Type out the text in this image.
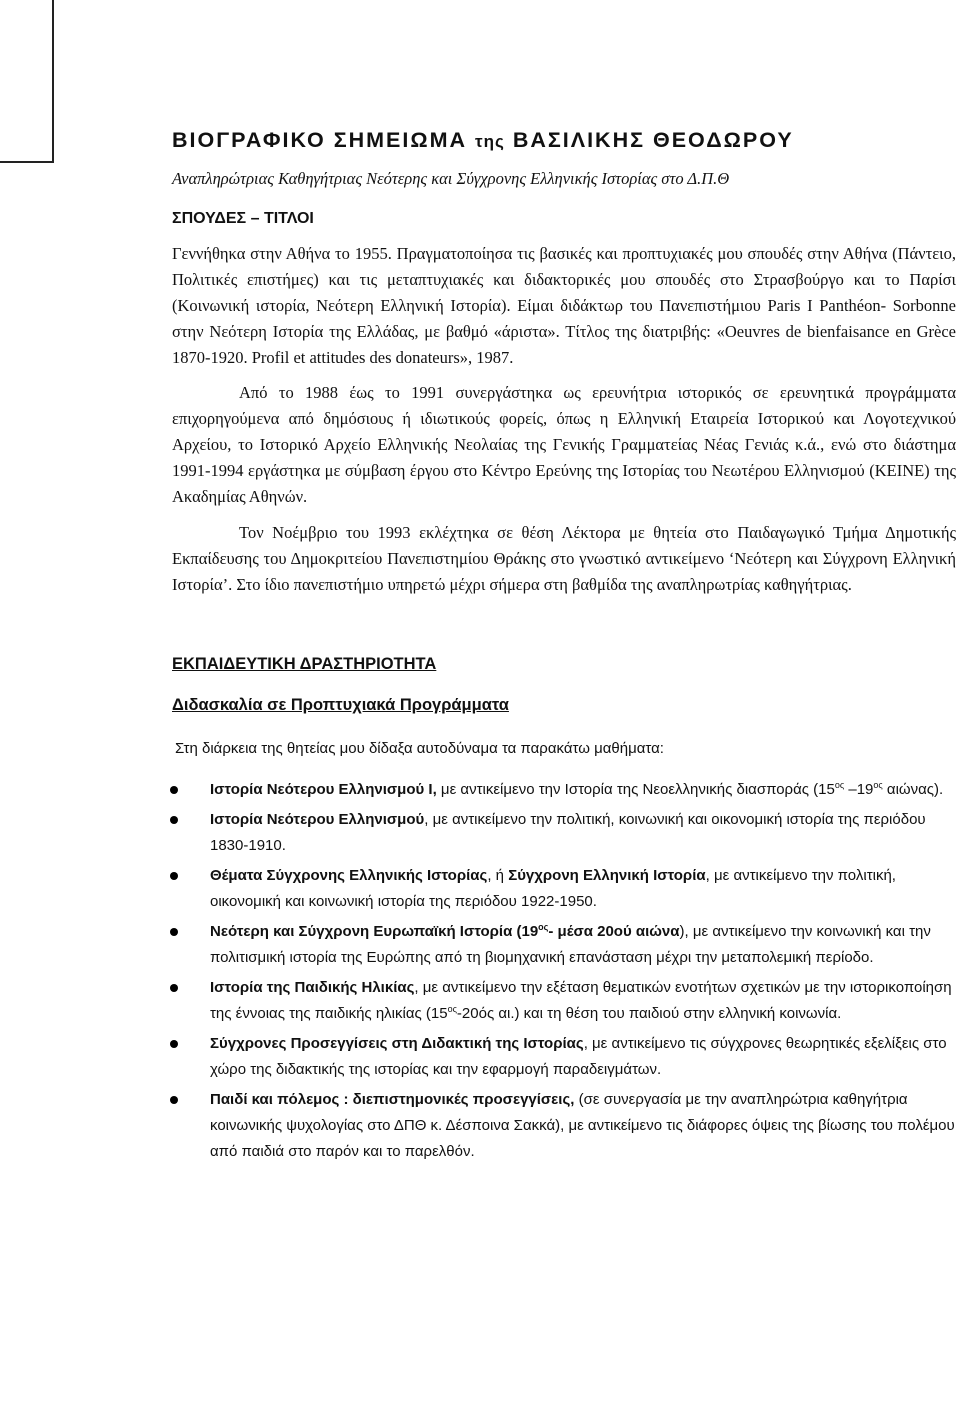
ΒΙΟΓΡΑΦΙΚΟ ΣΗΜΕΙΩΜΑ της ΒΑΣΙΛΙΚΗΣ ΘΕΟΔΩΡΟΥ

Αναπληρώτριας Καθηγήτριας Νεότερης και Σύγχρονης Ελληνικής Ιστορίας στο Δ.Π.Θ

ΣΠΟΥΔΕΣ – ΤΙΤΛΟΙ

Γεννήθηκα στην Αθήνα το 1955. Πραγματοποίησα τις βασικές και προπτυχιακές μου σπουδές στην Αθήνα (Πάντειο, Πολιτικές επιστήμες) και τις μεταπτυχιακές και διδακτορικές μου σπουδές στο Στρασβούργο και το Παρίσι (Κοινωνική ιστορία, Νεότερη Ελληνική Ιστορία). Είμαι διδάκτωρ του Πανεπιστήμιου Paris I Panthéon- Sorbonne στην Νεότερη Ιστορία της Ελλάδας, με βαθμό «άριστα». Τίτλος της διατριβής: «Oeuvres de bienfaisance en Grèce 1870-1920. Profil et attitudes des donateurs», 1987.

Από το 1988 έως το 1991 συνεργάστηκα ως ερευνήτρια ιστορικός σε ερευνητικά προγράμματα επιχορηγούμενα από δημόσιους ή ιδιωτικούς φορείς, όπως η Ελληνική Εταιρεία Ιστορικού και Λογοτεχνικού Αρχείου, το Ιστορικό Αρχείο Ελληνικής Νεολαίας της Γενικής Γραμματείας Νέας Γενιάς κ.ά., ενώ στο διάστημα 1991-1994 εργάστηκα με σύμβαση έργου στο Κέντρο Ερεύνης της Ιστορίας του Νεωτέρου Ελληνισμού (ΚΕΙΝΕ) της Ακαδημίας Αθηνών.

Τον Νοέμβριο του 1993 εκλέχτηκα σε θέση Λέκτορα με θητεία στο Παιδαγωγικό Τμήμα Δημοτικής Εκπαίδευσης του Δημοκριτείου Πανεπιστημίου Θράκης στο γνωστικό αντικείμενο ‘Νεότερη και Σύγχρονη Ελληνική Ιστορία’. Στο ίδιο πανεπιστήμιο υπηρετώ μέχρι σήμερα στη βαθμίδα της αναπληρωτρίας καθηγήτριας.

ΕΚΠΑΙΔΕΥΤΙΚΗ ΔΡΑΣΤΗΡΙΟΤΗΤΑ
Διδασκαλία σε Προπτυχιακά Προγράμματα

Στη διάρκεια της θητείας μου δίδαξα αυτοδύναμα τα παρακάτω μαθήματα:

Ιστορία Νεότερου Ελληνισμού Ι, με αντικείμενο την Ιστορία της Νεοελληνικής διασποράς ($15^{o\varsigma}$ $-19^{o\varsigma}$ αιώνας).
Ιστορία Νεότερου Ελληνισμού, με αντικείμενο την πολιτική, κοινωνική και οικονομική ιστορία της περιόδου 1830-1910.
Θέματα Σύγχρονης Ελληνικής Ιστορίας, ή Σύγχρονη Ελληνική Ιστορία, με αντικείμενο την πολιτική, οικονομική και κοινωνική ιστορία της περιόδου 1922-1950.
Νεότερη και Σύγχρονη Ευρωπαϊκή Ιστορία ($19^{o\varsigma}-$ μέσα 20ού αιώνα), με αντικείμενο την κοινωνική και την πολιτισμική ιστορία της Ευρώπης από τη βιομηχανική επανάσταση μέχρι την μεταπολεμική περίοδο.
Ιστορία της Παιδικής Ηλικίας, με αντικείμενο την εξέταση θεματικών ενοτήτων σχετικών με την ιστορικοποίηση της έννοιας της παιδικής ηλικίας ($15^{o\varsigma}-20ό\varsigma$ αι.) και τη θέση του παιδιού στην ελληνική κοινωνία.
Σύγχρονες Προσεγγίσεις στη Διδακτική της Ιστορίας, με αντικείμενο τις σύγχρονες θεωρητικές εξελίξεις στο χώρο της διδακτικής της ιστορίας και την εφαρμογή παραδειγμάτων.
Παιδί και πόλεμος : διεπιστημονικές προσεγγίσεις, (σε συνεργασία με την αναπληρώτρια καθηγήτρια κοινωνικής ψυχολογίας στο ΔΠΘ κ. Δέσποινα Σακκά), με αντικείμενο τις διάφορες όψεις της βίωσης του πολέμου από παιδιά στο παρόν και το παρελθόν.
